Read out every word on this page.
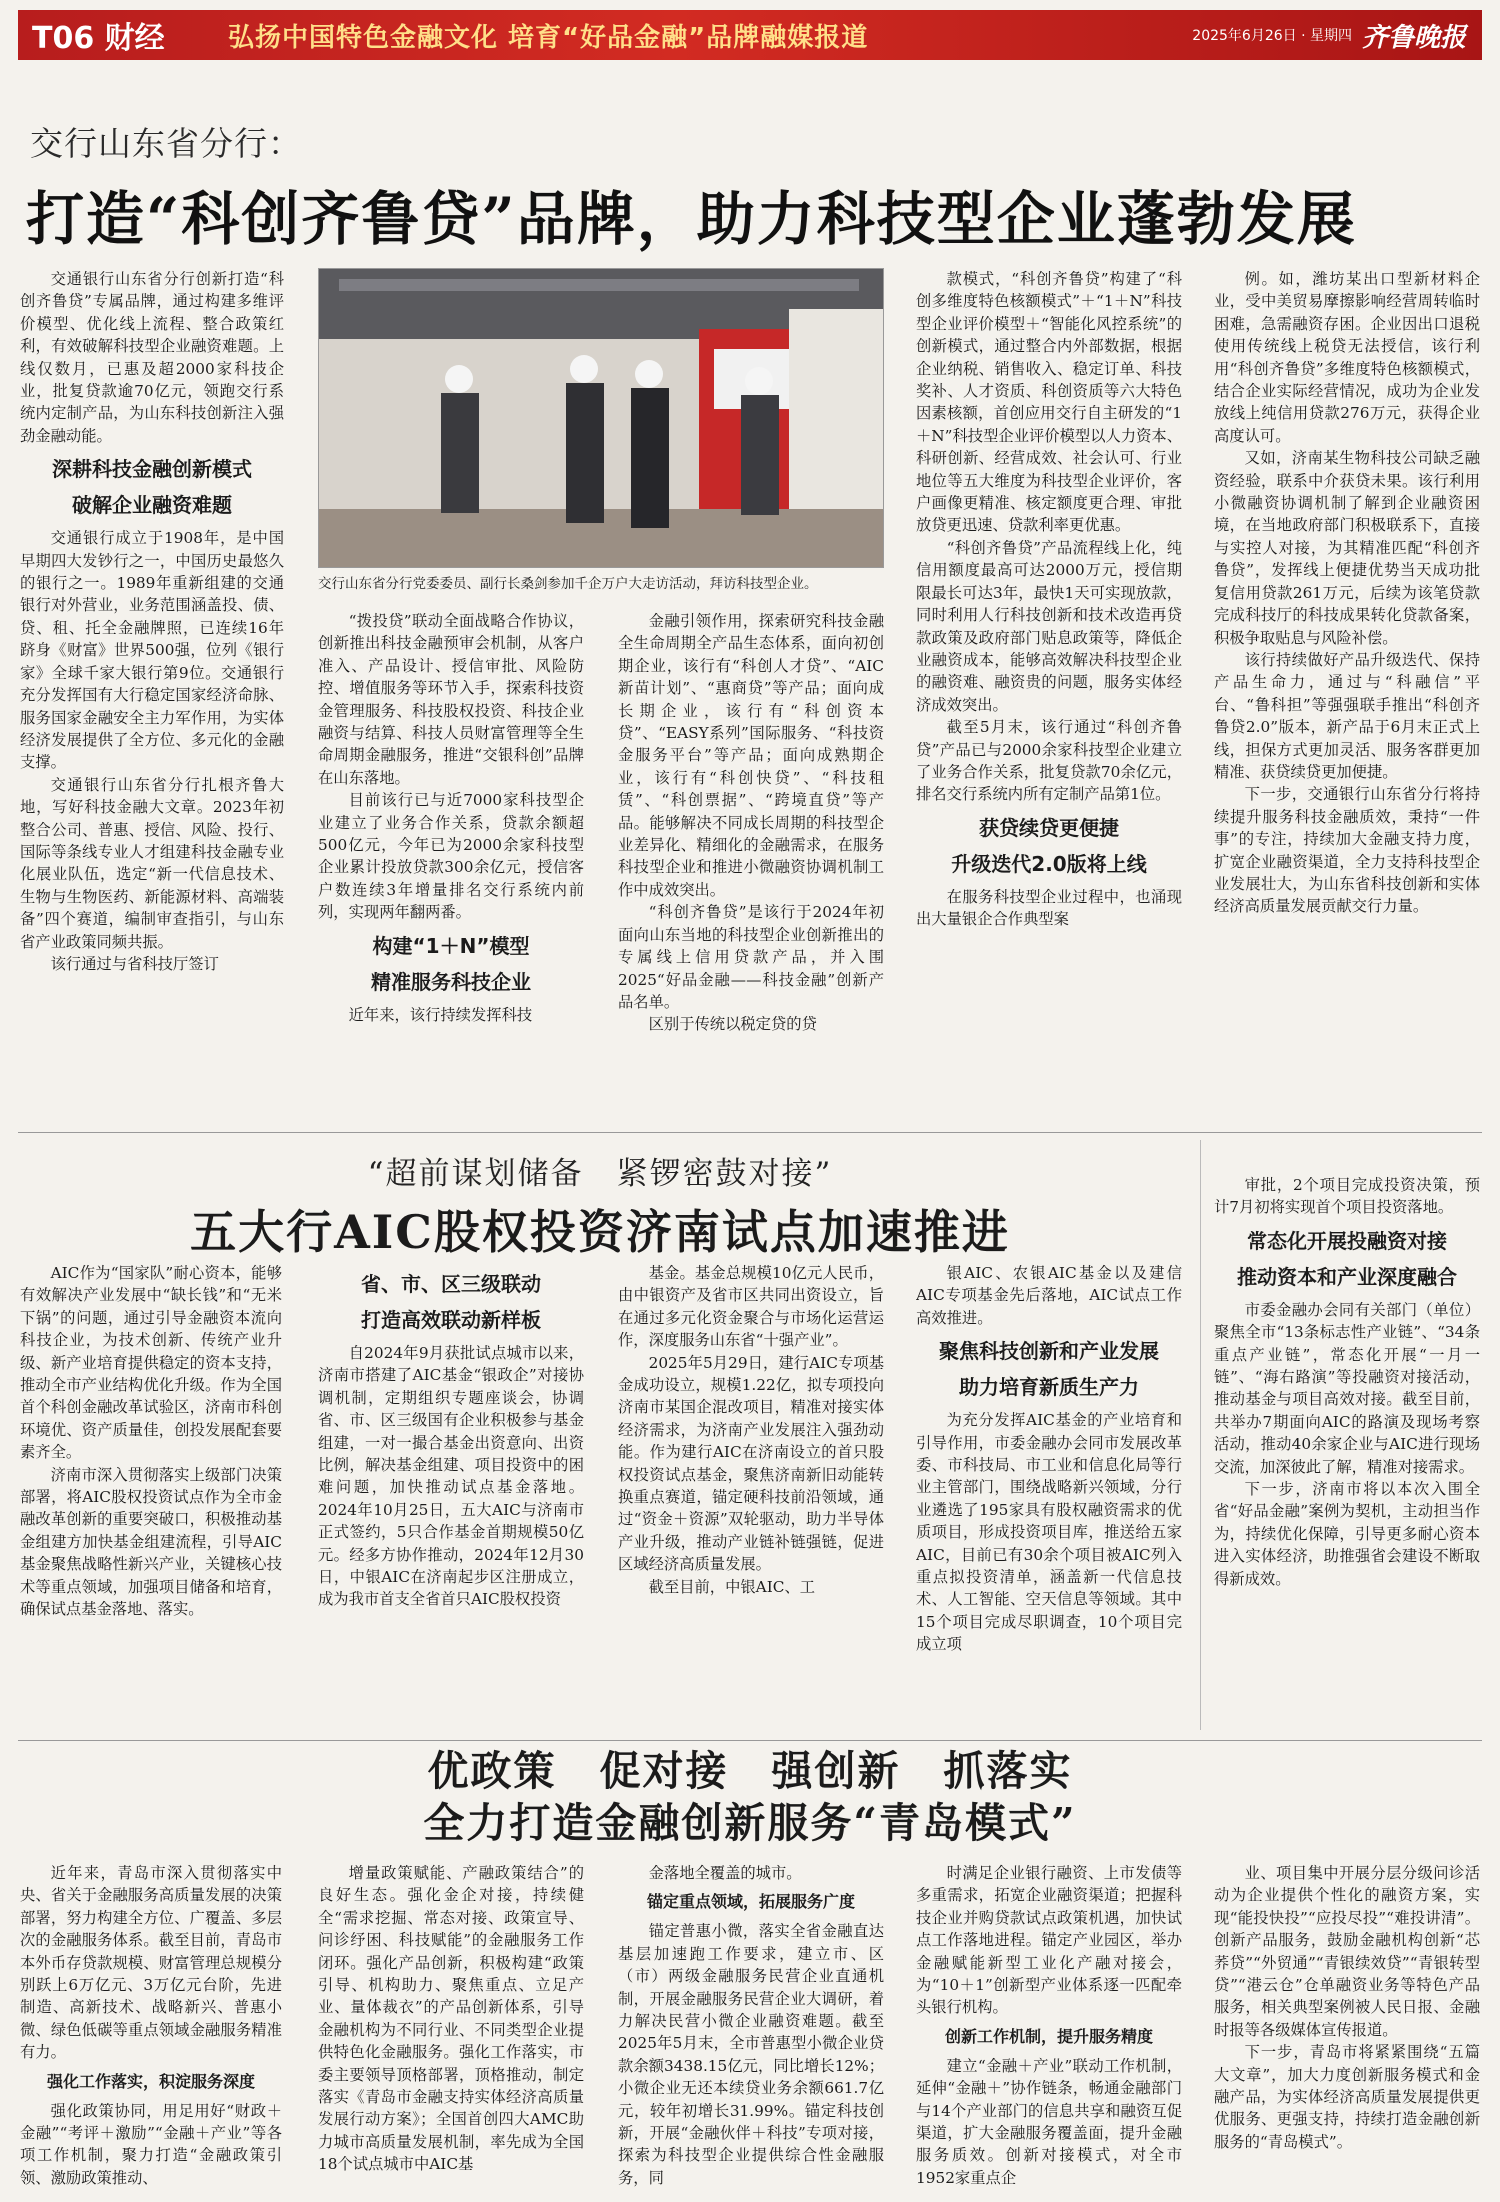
T06 财经	弘扬中国特色金融文化 培育“好品金融”品牌融媒报道	2025年6月26日 · 星期四 齐鲁晚报
交行山东省分行：
打造“科创齐鲁贷”品牌，助力科技型企业蓬勃发展

交通银行山东省分行创新打造“科创齐鲁贷”专属品牌，通过构建多维评价模型、优化线上流程、整合政策红利，有效破解科技型企业融资难题。上线仅数月，已惠及超2000家科技企业，批复贷款逾70亿元，领跑交行系统内定制产品，为山东科技创新注入强劲金融动能。

深耕科技金融创新模式
破解企业融资难题

交通银行成立于1908年，是中国早期四大发钞行之一，中国历史最悠久的银行之一。1989年重新组建的交通银行对外营业，业务范围涵盖投、债、贷、租、托全金融牌照，已连续16年跻身《财富》世界500强，位列《银行家》全球千家大银行第9位。交通银行充分发挥国有大行稳定国家经济命脉、服务国家金融安全主力军作用，为实体经济发展提供了全方位、多元化的金融支撑。

交通银行山东省分行扎根齐鲁大地，写好科技金融大文章。2023年初整合公司、普惠、授信、风险、投行、国际等条线专业人才组建科技金融专业化展业队伍，选定“新一代信息技术、生物与生物医药、新能源材料、高端装备”四个赛道，编制审查指引，与山东省产业政策同频共振。

该行通过与省科技厅签订

交行山东省分行党委委员、副行长桑剑参加千企万户大走访活动，拜访科技型企业。

“拨投贷”联动全面战略合作协议，创新推出科技金融预审会机制，从客户准入、产品设计、授信审批、风险防控、增值服务等环节入手，探索科技资金管理服务、科技股权投资、科技企业融资与结算、科技人员财富管理等全生命周期金融服务，推进“交银科创”品牌在山东落地。

目前该行已与近7000家科技型企业建立了业务合作关系，贷款余额超500亿元，今年已为2000余家科技型企业累计投放贷款300余亿元，授信客户数连续3年增量排名交行系统内前列，实现两年翻两番。

构建“1＋N”模型
精准服务科技企业

近年来，该行持续发挥科技

金融引领作用，探索研究科技金融全生命周期全产品生态体系，面向初创期企业，该行有“科创人才贷”、“AIC新苗计划”、“惠商贷”等产品；面向成长期企业，该行有“科创资本贷”、“EASY系列”国际服务、“科技资金服务平台”等产品；面向成熟期企业，该行有“科创快贷”、“科技租赁”、“科创票据”、“跨境直贷”等产品。能够解决不同成长周期的科技型企业差异化、精细化的金融需求，在服务科技型企业和推进小微融资协调机制工作中成效突出。

“科创齐鲁贷”是该行于2024年初面向山东当地的科技型企业创新推出的专属线上信用贷款产品，并入围2025“好品金融——科技金融”创新产品名单。

区别于传统以税定贷的贷

款模式，“科创齐鲁贷”构建了“科创多维度特色核额模式”＋“1＋N”科技型企业评价模型＋“智能化风控系统”的创新模式，通过整合内外部数据，根据企业纳税、销售收入、稳定订单、科技奖补、人才资质、科创资质等六大特色因素核额，首创应用交行自主研发的“1＋N”科技型企业评价模型以人力资本、科研创新、经营成效、社会认可、行业地位等五大维度为科技型企业评价，客户画像更精准、核定额度更合理、审批放贷更迅速、贷款利率更优惠。

“科创齐鲁贷”产品流程线上化，纯信用额度最高可达2000万元，授信期限最长可达3年，最快1天可实现放款，同时利用人行科技创新和技术改造再贷款政策及政府部门贴息政策等，降低企业融资成本，能够高效解决科技型企业的融资难、融资贵的问题，服务实体经济成效突出。

截至5月末，该行通过“科创齐鲁贷”产品已与2000余家科技型企业建立了业务合作关系，批复贷款70余亿元，排名交行系统内所有定制产品第1位。

获贷续贷更便捷
升级迭代2.0版将上线

在服务科技型企业过程中，也涌现出大量银企合作典型案

例。如，潍坊某出口型新材料企业，受中美贸易摩擦影响经营周转临时困难，急需融资存困。企业因出口退税使用传统线上税贷无法授信，该行利用“科创齐鲁贷”多维度特色核额模式，结合企业实际经营情况，成功为企业发放线上纯信用贷款276万元，获得企业高度认可。

又如，济南某生物科技公司缺乏融资经验，联系中介获贷未果。该行利用小微融资协调机制了解到企业融资困境，在当地政府部门积极联系下，直接与实控人对接，为其精准匹配“科创齐鲁贷”，发挥线上便捷优势当天成功批复信用贷款261万元，后续为该笔贷款完成科技厅的科技成果转化贷款备案，积极争取贴息与风险补偿。

该行持续做好产品升级迭代、保持产品生命力，通过与“科融信”平台、“鲁科担”等强强联手推出“科创齐鲁贷2.0”版本，新产品于6月末正式上线，担保方式更加灵活、服务客群更加精准、获贷续贷更加便捷。

下一步，交通银行山东省分行将持续提升服务科技金融质效，秉持“一件事”的专注，持续加大金融支持力度，扩宽企业融资渠道，全力支持科技型企业发展壮大，为山东省科技创新和实体经济高质量发展贡献交行力量。

“超前谋划储备　紧锣密鼓对接”
五大行AIC股权投资济南试点加速推进

AIC作为“国家队”耐心资本，能够有效解决产业发展中“缺长钱”和“无米下锅”的问题，通过引导金融资本流向科技企业，为技术创新、传统产业升级、新产业培育提供稳定的资本支持，推动全市产业结构优化升级。作为全国首个科创金融改革试验区，济南市科创环境优、资产质量佳，创投发展配套要素齐全。

济南市深入贯彻落实上级部门决策部署，将AIC股权投资试点作为全市金融改革创新的重要突破口，积极推动基金组建方加快基金组建流程，引导AIC基金聚焦战略性新兴产业，关键核心技术等重点领域，加强项目储备和培育，确保试点基金落地、落实。

省、市、区三级联动
打造高效联动新样板

自2024年9月获批试点城市以来，济南市搭建了AIC基金“银政企”对接协调机制，定期组织专题座谈会，协调省、市、区三级国有企业积极参与基金组建，一对一撮合基金出资意向、出资比例，解决基金组建、项目投资中的困难问题，加快推动试点基金落地。2024年10月25日，五大AIC与济南市正式签约，5只合作基金首期规模50亿元。经多方协作推动，2024年12月30日，中银AIC在济南起步区注册成立，成为我市首支全省首只AIC股权投资

基金。基金总规模10亿元人民币，由中银资产及省市区共同出资设立，旨在通过多元化资金聚合与市场化运营运作，深度服务山东省“十强产业”。

2025年5月29日，建行AIC专项基金成功设立，规模1.22亿，拟专项投向济南市某国企混改项目，精准对接实体经济需求，为济南产业发展注入强劲动能。作为建行AIC在济南设立的首只股权投资试点基金，聚焦济南新旧动能转换重点赛道，锚定硬科技前沿领域，通过“资金＋资源”双轮驱动，助力半导体产业升级，推动产业链补链强链，促进区域经济高质量发展。

截至目前，中银AIC、工

银AIC、农银AIC基金以及建信AIC专项基金先后落地，AIC试点工作高效推进。

聚焦科技创新和产业发展
助力培育新质生产力

为充分发挥AIC基金的产业培育和引导作用，市委金融办会同市发展改革委、市科技局、市工业和信息化局等行业主管部门，围绕战略新兴领域，分行业遴选了195家具有股权融资需求的优质项目，形成投资项目库，推送给五家AIC，目前已有30余个项目被AIC列入重点拟投资清单，涵盖新一代信息技术、人工智能、空天信息等领域。其中15个项目完成尽职调查，10个项目完成立项

审批，2个项目完成投资决策，预计7月初将实现首个项目投资落地。

常态化开展投融资对接
推动资本和产业深度融合

市委金融办会同有关部门（单位）聚焦全市“13条标志性产业链”、“34条重点产业链”，常态化开展“一月一链”、“海右路演”等投融资对接活动，推动基金与项目高效对接。截至目前，共举办7期面向AIC的路演及现场考察活动，推动40余家企业与AIC进行现场交流，加深彼此了解，精准对接需求。

下一步，济南市将以本次入围全省“好品金融”案例为契机，主动担当作为，持续优化保障，引导更多耐心资本进入实体经济，助推强省会建设不断取得新成效。

优政策　促对接　强创新　抓落实
全力打造金融创新服务“青岛模式”

近年来，青岛市深入贯彻落实中央、省关于金融服务高质量发展的决策部署，努力构建全方位、广覆盖、多层次的金融服务体系。截至目前，青岛市本外币存贷款规模、财富管理总规模分别跃上6万亿元、3万亿元台阶，先进制造、高新技术、战略新兴、普惠小微、绿色低碳等重点领域金融服务精准有力。

强化工作落实，积淀服务深度

强化政策协同，用足用好“财政＋金融”“考评＋激励”“金融＋产业”等各项工作机制，聚力打造“金融政策引领、激励政策推动、

增量政策赋能、产融政策结合”的良好生态。强化金企对接，持续健全“需求挖掘、常态对接、政策宣导、问诊纾困、科技赋能”的金融服务工作闭环。强化产品创新，积极构建“政策引导、机构助力、聚焦重点、立足产业、量体裁衣”的产品创新体系，引导金融机构为不同行业、不同类型企业提供特色化金融服务。强化工作落实，市委主要领导顶格部署，顶格推动，制定落实《青岛市金融支持实体经济高质量发展行动方案》；全国首创四大AMC助力城市高质量发展机制，率先成为全国18个试点城市中AIC基

金落地全覆盖的城市。

锚定重点领域，拓展服务广度

锚定普惠小微，落实全省金融直达基层加速跑工作要求，建立市、区（市）两级金融服务民营企业直通机制，开展金融服务民营企业大调研，着力解决民营小微企业融资难题。截至2025年5月末，全市普惠型小微企业贷款余额3438.15亿元，同比增长12%；小微企业无还本续贷业务余额661.7亿元，较年初增长31.99%。锚定科技创新，开展“金融伙伴＋科技”专项对接，探索为科技型企业提供综合性金融服务，同

时满足企业银行融资、上市发债等多重需求，拓宽企业融资渠道；把握科技企业并购贷款试点政策机遇，加快试点工作落地进程。锚定产业园区，举办金融赋能新型工业化产融对接会，为“10＋1”创新型产业体系逐一匹配牵头银行机构。

创新工作机制，提升服务精度

建立“金融＋产业”联动工作机制，延伸“金融＋”协作链条，畅通金融部门与14个产业部门的信息共享和融资互促渠道，扩大金融服务覆盖面，提升金融服务质效。创新对接模式，对全市1952家重点企

业、项目集中开展分层分级问诊活动为企业提供个性化的融资方案，实现“能投快投”“应投尽投”“难投讲清”。创新产品服务，鼓励金融机构创新“芯荞贷”“外贸通”“青银续效贷”“青银转型贷”“港云仓”仓单融资业务等特色产品服务，相关典型案例被人民日报、金融时报等各级媒体宣传报道。

下一步，青岛市将紧紧围绕“五篇大文章”，加大力度创新服务模式和金融产品，为实体经济高质量发展提供更优服务、更强支持，持续打造金融创新服务的“青岛模式”。
